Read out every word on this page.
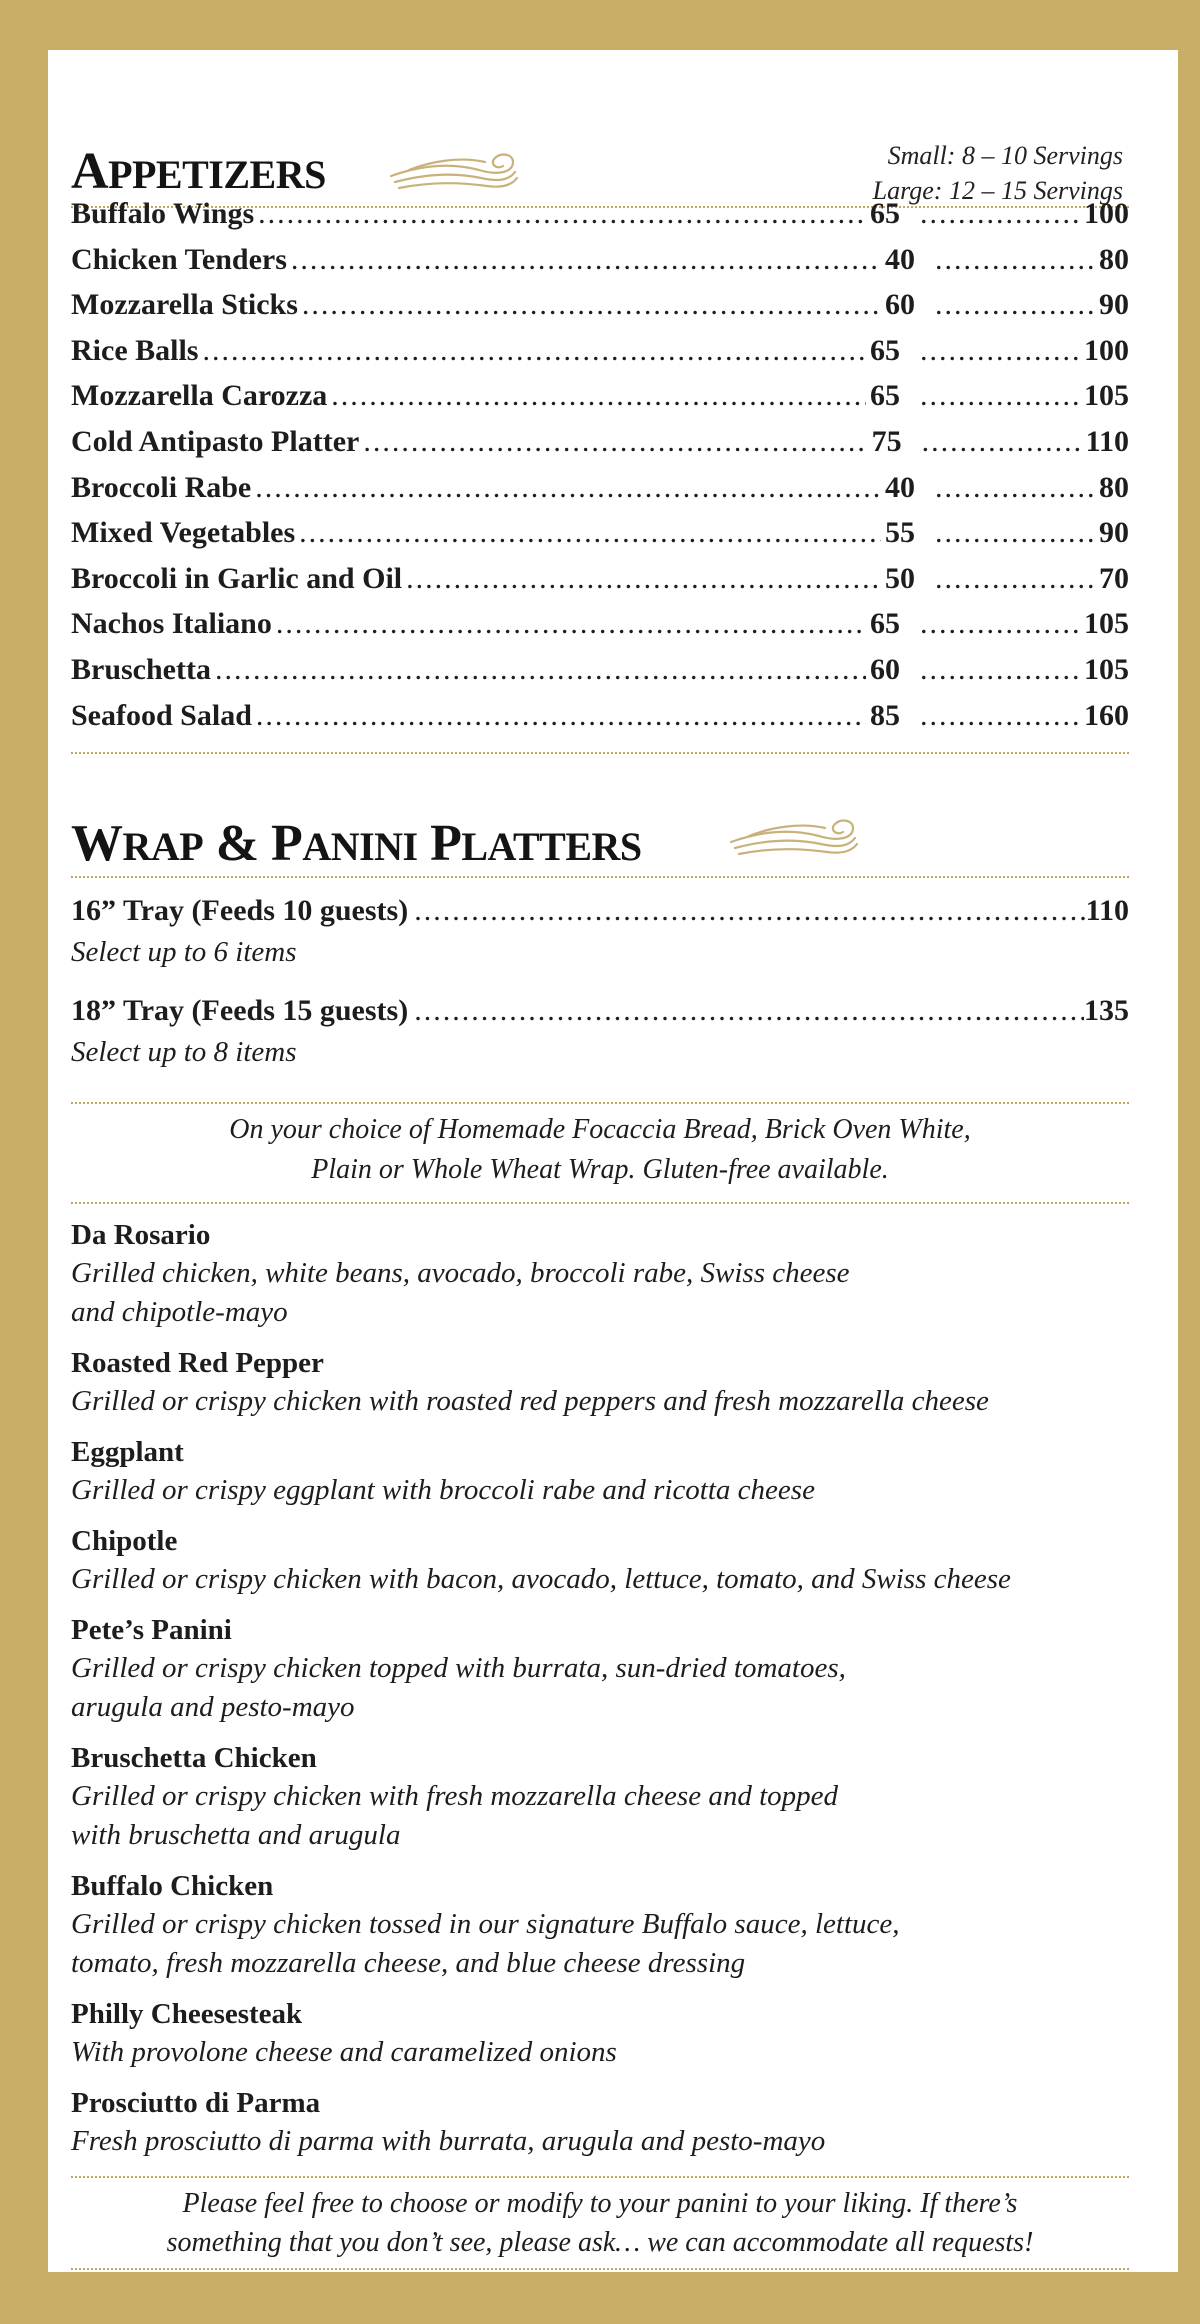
APPETIZERS	Small: 8 – 10 Servings
Large: 12 – 15 Servings
Buffalo Wings .....	65 .....	100
Chicken Tenders .....	40 .....	80
Mozzarella Sticks .....	60 .....	90
Rice Balls .....	65 .....	100
Mozzarella Carozza .....	65 .....	105
Cold Antipasto Platter .....	75 .....	110
Broccoli Rabe .....	40 .....	80
Mixed Vegetables .....	55 .....	90
Broccoli in Garlic and Oil .....	50 .....	70
Nachos Italiano .....	65 .....	105
Bruschetta .....	60 .....	105
Seafood Salad .....	85 .....	160
WRAP & PANINI PLATTERS
16” Tray (Feeds 10 guests) .....	110
Select up to 6 items
18” Tray (Feeds 15 guests) .....	135
Select up to 8 items
On your choice of Homemade Focaccia Bread, Brick Oven White,
Plain or Whole Wheat Wrap. Gluten-free available.
Da Rosario
Grilled chicken, white beans, avocado, broccoli rabe, Swiss cheese
and chipotle-mayo
Roasted Red Pepper
Grilled or crispy chicken with roasted red peppers and fresh mozzarella cheese
Eggplant
Grilled or crispy eggplant with broccoli rabe and ricotta cheese
Chipotle
Grilled or crispy chicken with bacon, avocado, lettuce, tomato, and Swiss cheese
Pete’s Panini
Grilled or crispy chicken topped with burrata, sun-dried tomatoes,
arugula and pesto-mayo
Bruschetta Chicken
Grilled or crispy chicken with fresh mozzarella cheese and topped
with bruschetta and arugula
Buffalo Chicken
Grilled or crispy chicken tossed in our signature Buffalo sauce, lettuce,
tomato, fresh mozzarella cheese, and blue cheese dressing
Philly Cheesesteak
With provolone cheese and caramelized onions
Prosciutto di Parma
Fresh prosciutto di parma with burrata, arugula and pesto-mayo
Please feel free to choose or modify to your panini to your liking. If there’s
something that you don’t see, please ask… we can accommodate all requests!
